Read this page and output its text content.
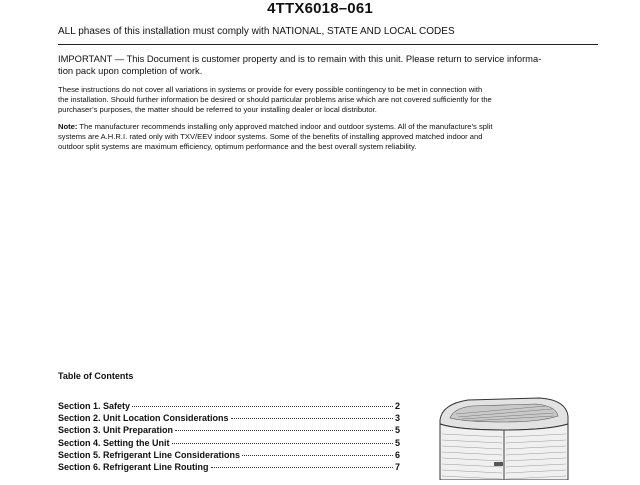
4TTX6018–061
ALL phases of this installation must comply with NATIONAL, STATE AND LOCAL CODES
IMPORTANT — This Document is customer property and is to remain with this unit. Please return to service informa-
tion pack upon completion of work.
These instructions do not cover all variations in systems or provide for every possible contingency to be met in connection with
the installation. Should further information be desired or should particular problems arise which are not covered sufficiently for the
purchaser’s purposes, the matter should be referred to your installing dealer or local distributor.
Note: The manufacturer recommends installing only approved matched indoor and outdoor systems. All of the manufacture’s split
systems are A.H.R.I. rated only with TXV/EEV indoor systems. Some of the benefits of installing approved matched indoor and
outdoor split systems are maximum efficiency, optimum performance and the best overall system reliability.
Table of Contents
Section 1. Safety	2
Section 2. Unit Location Considerations	3
Section 3. Unit Preparation	5
Section 4. Setting the Unit	5
Section 5. Refrigerant Line Considerations	6
Section 6. Refrigerant Line Routing	7
